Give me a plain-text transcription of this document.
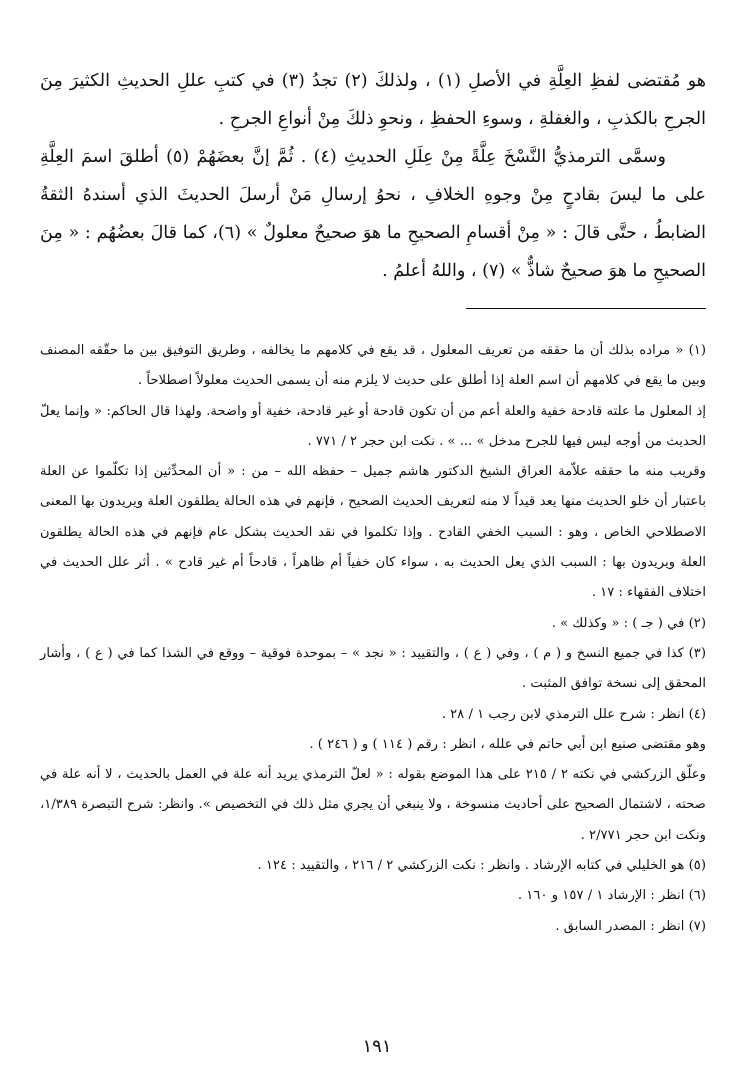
هو مُقتضى لفظِ العِلَّةِ في الأصلِ (١) ، ولذلكَ (٢) تجدُ (٣) في كتبِ عللِ الحديثِ الكثيرَ مِنَ الجرحِ بالكذبِ ، والغفلةِ ، وسوءِ الحفظِ ، ونحوِ ذلكَ مِنْ أنواعِ الجرحِ .

وسمَّى الترمذيُّ النَّسْخَ عِلَّةً مِنْ عِلَلِ الحديثِ (٤) . ثُمَّ إنَّ بعضَهُمْ (٥) أطلقَ اسمَ العِلَّةِ على ما ليسَ بقادحٍ مِنْ وجوهِ الخلافِ ، نحوُ إرسالِ مَنْ أرسلَ الحديثَ الذي أسندهُ الثقةُ الضابطُ ، حتَّى قالَ : « مِنْ أقسامِ الصحيحِ ما هوَ صحيحٌ معلولٌ » (٦)، كما قالَ بعضُهُم : « مِنَ الصحيحِ ما هوَ صحيحٌ شاذٌّ » (٧) ، واللهُ أعلمُ .

(١) « مراده بذلك أن ما حققه من تعريف المعلول ، قد يقع في كلامهم ما يخالفه ، وطريق التوفيق بين ما حقّقه المصنف وبين ما يقع في كلامهم أن اسم العلة إذا أطلق على حديث لا يلزم منه أن يسمى الحديث معلولاً اصطلاحاً .

إذ المعلول ما علته قادحة خفية والعلة أعم من أن تكون قادحة أو غير قادحة، خفية أو واضحة. ولهذا قال الحاكم: « وإنما يعلّ الحديث من أوجه ليس فيها للجرح مدخل » ... » . نكت ابن حجر ٢ / ٧٧١ .

وقريب منه ما حققه علاّمة العراق الشيخ الدكتور هاشم جميل – حفظه الله – من : « أن المحدِّثين إذا تكلّموا عن العلة باعتبار أن خلو الحديث منها يعد قيداً لا منه لتعريف الحديث الصحيح ، فإنهم في هذه الحالة يطلقون العلة ويريدون بها المعنى الاصطلاحي الخاص ، وهو : السبب الخفي القادح . وإذا تكلموا في نقد الحديث بشكل عام فإنهم في هذه الحالة يطلقون العلة ويريدون بها : السبب الذي يعل الحديث به ، سواء كان خفياً أم ظاهراً ، قادحاً أم غير قادح » . أثر علل الحديث في اختلاف الفقهاء : ١٧ .

(٢) في ( جـ ) : « وكذلك » .

(٣) كذا في جميع النسخ و ( م ) ، وفي ( ع ) ، والتقييد : « نجد » – بموحدة فوقية – ووقع في الشذا كما في ( ع ) ، وأشار المحقق إلى نسخة توافق المثبت .

(٤) انظر : شرح علل الترمذي لابن رجب ١ / ٢٨ .

وهو مقتضى صنيع ابن أبي حاتم في علله ، انظر : رقم ( ١١٤ ) و ( ٢٤٦ ) .

وعلّق الزركشي في نكته ٢ / ٢١٥ على هذا الموضع بقوله : « لعلّ الترمذي يريد أنه علة في العمل بالحديث ، لا أنه علة في صحته ، لاشتمال الصحيح على أحاديث منسوخة ، ولا ينبغي أن يجري مثل ذلك في التخصيص ». وانظر: شرح التبصرة ١/٣٨٩، ونكت ابن حجر ٢/٧٧١ .

(٥) هو الخليلي في كتابه الإرشاد . وانظر : نكت الزركشي ٢ / ٢١٦ ، والتقييد : ١٢٤ .

(٦) انظر : الإرشاد ١ / ١٥٧ و ١٦٠ .

(٧) انظر : المصدر السابق .

١٩١
